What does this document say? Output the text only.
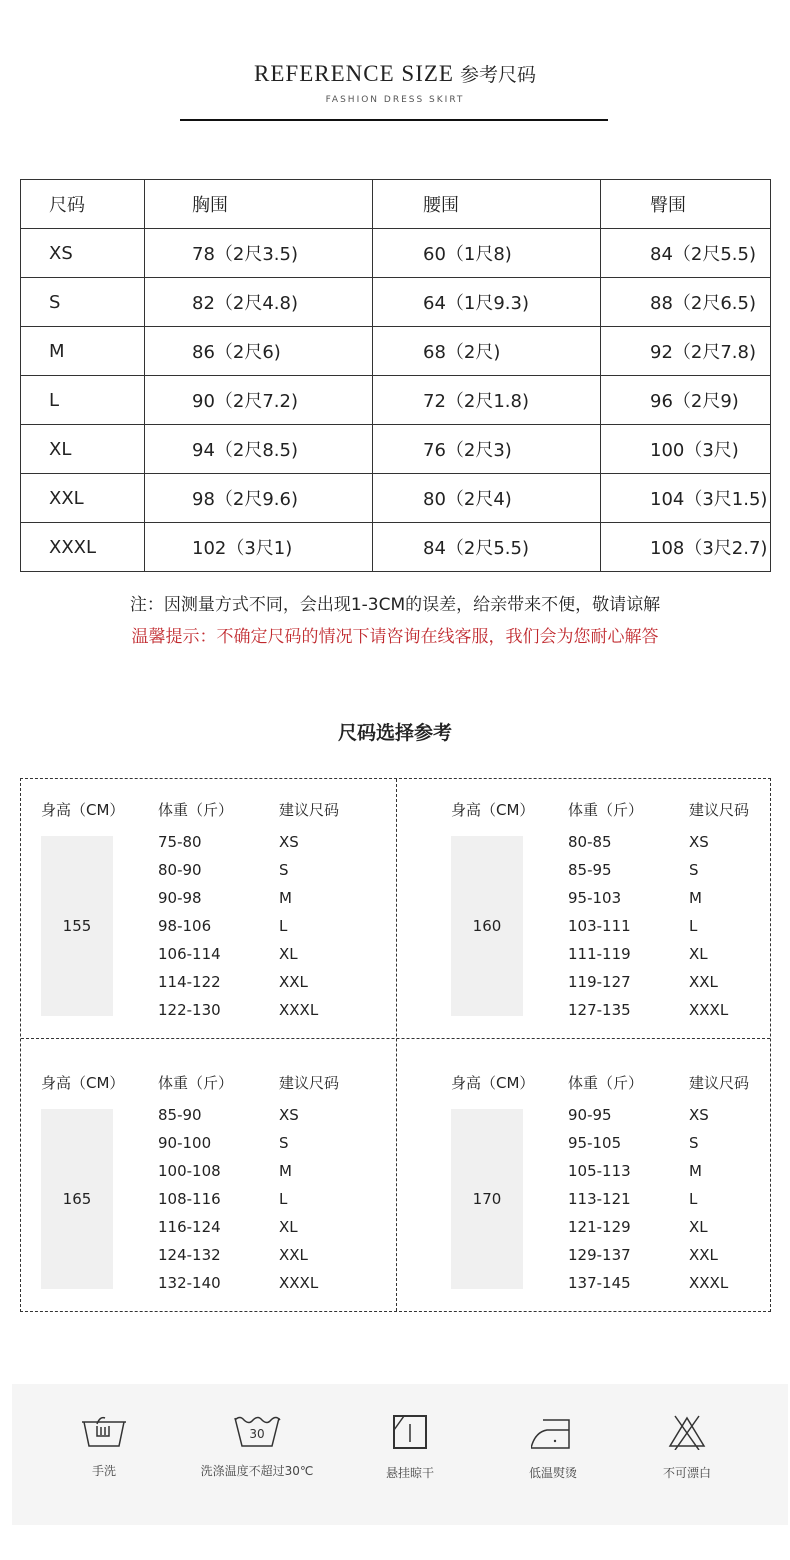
REFERENCE SIZE 参考尺码
FASHION DRESS SKIRT
尺码	胸围	腰围	臀围
XS	78（2尺3.5)	60（1尺8)	84（2尺5.5)
S	82（2尺4.8)	64（1尺9.3)	88（2尺6.5)
M	86（2尺6)	68（2尺)	92（2尺7.8)
L	90（2尺7.2)	72（2尺1.8)	96（2尺9)
XL	94（2尺8.5)	76（2尺3)	100（3尺)
XXL	98（2尺9.6)	80（2尺4)	104（3尺1.5)
XXXL	102（3尺1)	84（2尺5.5)	108（3尺2.7)
注：因测量方式不同，会出现1-3CM的误差，给亲带来不便，敬请谅解
温馨提示：不确定尺码的情况下请咨询在线客服，我们会为您耐心解答
尺码选择参考
身高（CM） 体重（斤）	建议尺码
155
75-80	XS
80-90	S
90-98	M
98-106	L
106-114	XL
114-122	XXL
122-130	XXXL
身高（CM） 体重（斤）	建议尺码
160
80-85	XS
85-95	S
95-103	M
103-111	L
111-119	XL
119-127	XXL
127-135	XXXL
身高（CM） 体重（斤）	建议尺码
165
85-90	XS
90-100	S
100-108	M
108-116	L
116-124	XL
124-132	XXL
132-140	XXXL
身高（CM） 体重（斤）	建议尺码
170
90-95	XS
95-105	S
105-113	M
113-121	L
121-129	XL
129-137	XXL
137-145	XXXL
手洗
30
洗涤温度不超过30℃	悬挂晾干	低温熨烫	不可漂白
